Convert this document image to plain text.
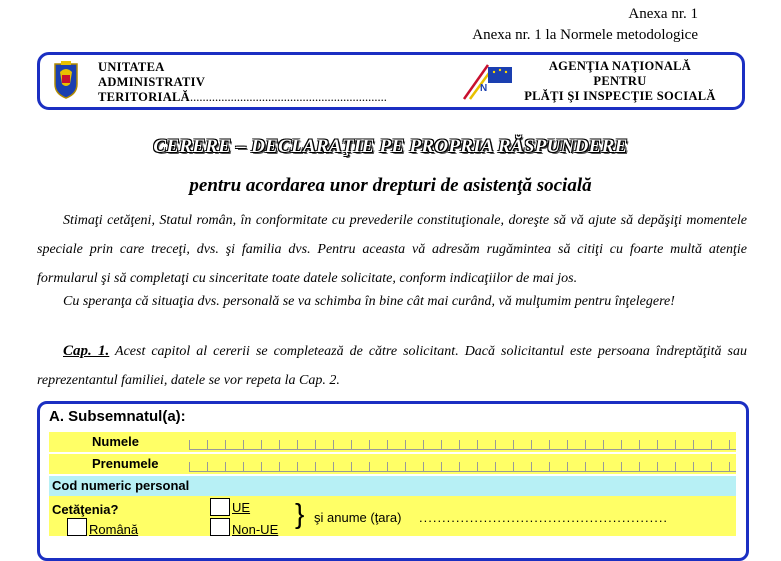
Anexa nr. 1
Anexa nr. 1 la Normele metodologice
UNITATEA
ADMINISTRATIV
TERITORIALĂ...............................................................
N
AGENŢIA NAŢIONALĂ
PENTRU
PLĂŢI ŞI INSPECŢIE SOCIALĂ
CERERE – DECLARAŢIE PE PROPRIA RĂSPUNDERE
pentru acordarea unor drepturi de asistenţă socială
Stimaţi cetăţeni, Statul român, în conformitate cu prevederile constituţionale, doreşte să vă ajute să depăşiţi momentele speciale prin care treceţi, dvs. şi familia dvs. Pentru aceasta vă adresăm rugămintea să citiţi cu foarte multă atenţie formularul şi să completaţi cu sinceritate toate datele solicitate, conform indicaţiilor de mai jos.
Cu speranţa că situaţia dvs. personală se va schimba în bine cât mai curând, vă mulţumim pentru înţelegere!
Cap. 1. Acest capitol al cererii se completează de către solicitant. Dacă solicitantul este persoana îndreptăţită sau reprezentantul familiei, datele se vor repeta la Cap. 2.
A. Subsemnatul(a):
Numele
Prenumele
Cod numeric personal
Cetăţenia?	UE
Română	Non-UE
} şi anume (ţara) ......................................................
